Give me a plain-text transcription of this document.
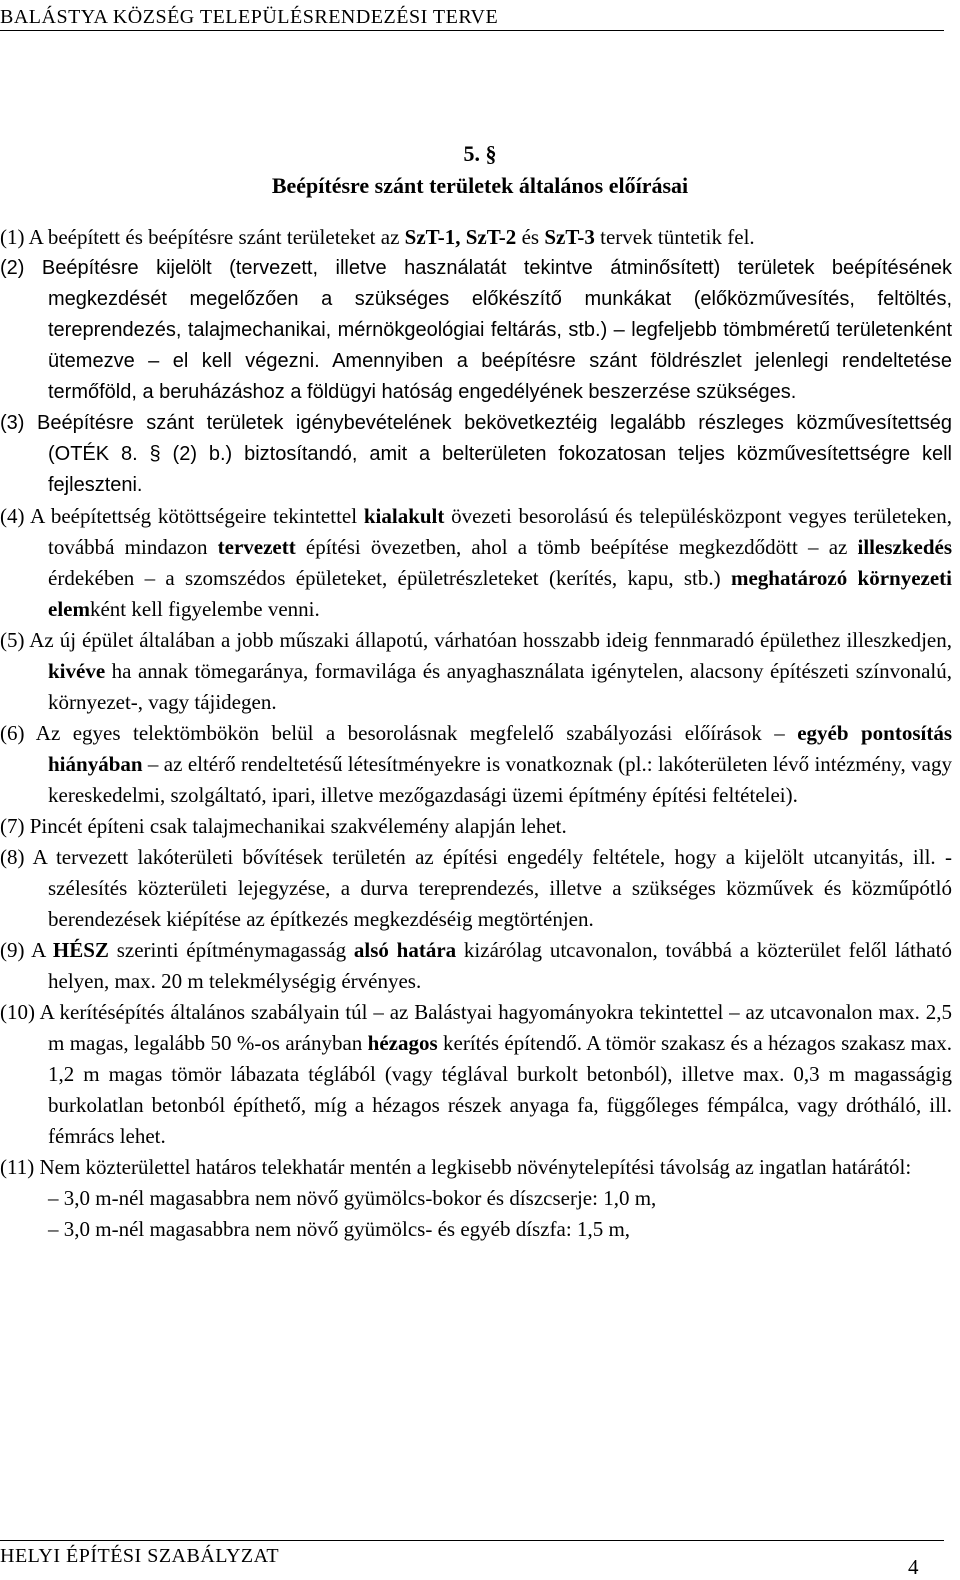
BALÁSTYA KÖZSÉG TELEPÜLÉSRENDEZÉSI TERVE
5. §
Beépítésre szánt területek általános előírásai
(1) A beépített és beépítésre szánt területeket az SzT-1, SzT-2 és SzT-3 tervek tüntetik fel.
(2) Beépítésre kijelölt (tervezett, illetve használatát tekintve átminősített) területek beépítésének megkezdését megelőzően a szükséges előkészítő munkákat (előközművesítés, feltöltés, tereprendezés, talajmechanikai, mérnökgeológiai feltárás, stb.) – legfeljebb tömbméretű területenként ütemezve – el kell végezni. Amennyiben a beépítésre szánt földrészlet jelenlegi rendeltetése termőföld, a beruházáshoz a földügyi hatóság engedélyének beszerzése szükséges.
(3) Beépítésre szánt területek igénybevételének bekövetkeztéig legalább részleges közművesítettség (OTÉK 8. § (2) b.) biztosítandó, amit a belterületen fokozatosan teljes közművesítettségre kell fejleszteni.
(4) A beépítettség kötöttségeire tekintettel kialakult övezeti besorolású és településközpont vegyes területeken, továbbá mindazon tervezett építési övezetben, ahol a tömb beépítése megkezdődött – az illeszkedés érdekében – a szomszédos épületeket, épületrészleteket (kerítés, kapu, stb.) meghatározó környezeti elemként kell figyelembe venni.
(5) Az új épület általában a jobb műszaki állapotú, várhatóan hosszabb ideig fennmaradó épülethez illeszkedjen, kivéve ha annak tömegaránya, formavilága és anyaghasználata igénytelen, alacsony építészeti színvonalú, környezet-, vagy tájidegen.
(6) Az egyes telektömbökön belül a besorolásnak megfelelő szabályozási előírások – egyéb pontosítás hiányában – az eltérő rendeltetésű létesítményekre is vonatkoznak (pl.: lakóterületen lévő intézmény, vagy kereskedelmi, szolgáltató, ipari, illetve mezőgazdasági üzemi építmény építési feltételei).
(7) Pincét építeni csak talajmechanikai szakvélemény alapján lehet.
(8) A tervezett lakóterületi bővítések területén az építési engedély feltétele, hogy a kijelölt utcanyitás, ill. -szélesítés közterületi lejegyzése, a durva tereprendezés, illetve a szükséges közművek és közműpótló berendezések kiépítése az építkezés megkezdéséig megtörténjen.
(9) A HÉSZ szerinti építménymagasság alsó határa kizárólag utcavonalon, továbbá a közterület felől látható helyen, max. 20 m telekmélységig érvényes.
(10) A kerítésépítés általános szabályain túl – az Balástyai hagyományokra tekintettel – az utcavonalon max. 2,5 m magas, legalább 50 %-os arányban hézagos kerítés építendő. A tömör szakasz és a hézagos szakasz max. 1,2 m magas tömör lábazata téglából (vagy téglával burkolt betonból), illetve max. 0,3 m magasságig burkolatlan betonból építhető, míg a hézagos részek anyaga fa, függőleges fémpálca, vagy drótháló, ill. fémrács lehet.
(11) Nem közterülettel határos telekhatár mentén a legkisebb növénytelepítési távolság az ingatlan határától:
– 3,0 m-nél magasabbra nem növő gyümölcs-bokor és díszcserje: 1,0 m,
– 3,0 m-nél magasabbra nem növő gyümölcs- és egyéb díszfa: 1,5 m,
HELYI ÉPÍTÉSI SZABÁLYZAT	4
